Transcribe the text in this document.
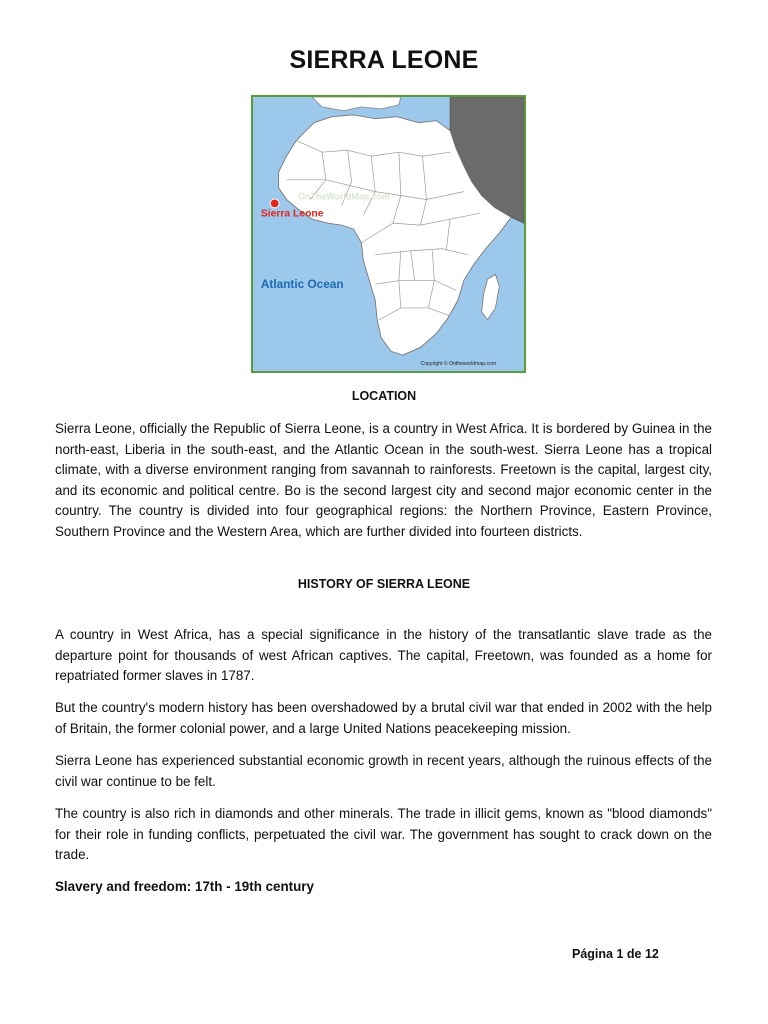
SIERRA LEONE
OnTheWorldMap.com
Sierra Leone
Atlantic Ocean
Copyright © Ontheworldmap.com
LOCATION

Sierra Leone, officially the Republic of Sierra Leone, is a country in West Africa. It is bordered by Guinea in the north-east, Liberia in the south-east, and the Atlantic Ocean in the south-west. Sierra Leone has a tropical climate, with a diverse environment ranging from savannah to rainforests. Freetown is the capital, largest city, and its economic and political centre. Bo is the second largest city and second major economic center in the country. The country is divided into four geographical regions: the Northern Province, Eastern Province, Southern Province and the Western Area, which are further divided into fourteen districts.

HISTORY OF SIERRA LEONE

A country in West Africa, has a special significance in the history of the transatlantic slave trade as the departure point for thousands of west African captives. The capital, Freetown, was founded as a home for repatriated former slaves in 1787.

But the country's modern history has been overshadowed by a brutal civil war that ended in 2002 with the help of Britain, the former colonial power, and a large United Nations peacekeeping mission.

Sierra Leone has experienced substantial economic growth in recent years, although the ruinous effects of the civil war continue to be felt.

The country is also rich in diamonds and other minerals. The trade in illicit gems, known as "blood diamonds" for their role in funding conflicts, perpetuated the civil war. The government has sought to crack down on the trade.

Slavery and freedom: 17th - 19th century
Página 1 de 12
